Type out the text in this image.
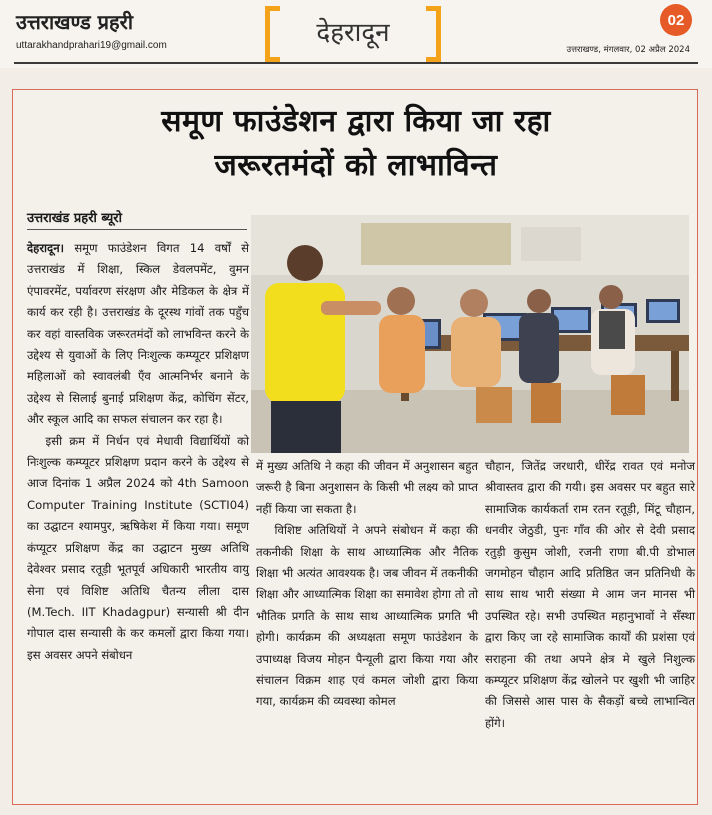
उत्तराखण्ड प्रहरी
uttarakhandprahari19@gmail.com	देहरादून	02
उत्तराखण्ड, मंगलवार, 02 अप्रैल 2024
समूण फाउंडेशन द्वारा किया जा रहा
जरूरतमंदों को लाभाविन्त
उत्तराखंड प्रहरी ब्यूरो

देहरादून। समूण फाउंडेशन विगत 14 वर्षों से उत्तराखंड में शिक्षा, स्किल डेवलपमेंट, वुमन एंपावरमेंट, पर्यावरण संरक्षण और मेडिकल के क्षेत्र में कार्य कर रही है। उत्तराखंड के दूरस्थ गांवों तक पहुँच कर वहां वास्तविक जरूरतमंदों को लाभविन्त करने के उद्देश्य से युवाओं के लिए निःशुल्क कम्प्यूटर प्रशिक्षण महिलाओं को स्वावलंबी एँव आत्मनिर्भर बनाने के उद्देश्य से सिलाई बुनाई प्रशिक्षण केंद्र, कोचिंग सेंटर, और स्कूल आदि का सफल संचालन कर रहा है।

इसी क्रम में निर्धन एवं मेधावी विद्यार्थियों को निःशुल्क कम्प्यूटर प्रशिक्षण प्रदान करने के उद्देश्य से आज दिनांक 1 अप्रैल 2024 को 4th Samoon Computer Training Institute (SCTI04) का उद्घाटन श्यामपुर, ऋषिकेश में किया गया। समूण कंप्यूटर प्रशिक्षण केंद्र का उद्घाटन मुख्य अतिथि देवेश्वर प्रसाद रतूड़ी भूतपूर्व अधिकारी भारतीय वायु सेना एवं विशिष्ट अतिथि चैतन्य लीला दास (M.Tech. IIT Khadagpur) सन्यासी श्री दीन गोपाल दास सन्यासी के कर कमलों द्वारा किया गया। इस अवसर अपने संबोधन

में मुख्य अतिथि ने कहा की जीवन में अनुशासन बहुत जरूरी है बिना अनुशासन के किसी भी लक्ष्य को प्राप्त नहीं किया जा सकता है।

विशिष्ट अतिथियों ने अपने संबोधन में कहा की तकनीकी शिक्षा के साथ आध्यात्मिक और नैतिक शिक्षा भी अत्यंत आवश्यक है। जब जीवन में तकनीकी शिक्षा और आध्यात्मिक शिक्षा का समावेश होगा तो तो भौतिक प्रगति के साथ साथ आध्यात्मिक प्रगति भी होगी। कार्यक्रम की अध्यक्षता समूण फाउंडेशन के उपाध्यक्ष विजय मोहन पैन्यूली द्वारा किया गया और संचालन विक्रम शाह एवं कमल जोशी द्वारा किया गया, कार्यक्रम की व्यवस्था कोमल

चौहान, जितेंद्र जरधारी, धीरेंद्र रावत एवं मनोज श्रीवास्तव द्वारा की गयी। इस अवसर पर बहुत सारे सामाजिक कार्यकर्ता राम रतन रतूड़ी, मिंटू चौहान, धनवीर जेठुडी, पुनः गाँव की ओर से देवी प्रसाद रतुड़ी कुसुम जोशी, रजनी राणा बी.पी डोभाल जगमोहन चौहान आदि प्रतिष्ठित जन प्रतिनिधी के साथ साथ भारी संख्या मे आम जन मानस भी उपस्थित रहे। सभी उपस्थित महानुभावों ने सँस्था द्वारा किए जा रहे सामाजिक कार्यों की प्रशंसा एवं सराहना की तथा अपने क्षेत्र मे खुले निशुल्क कम्प्यूटर प्रशिक्षण केंद्र खोलने पर खुशी भी जाहिर की जिससे आस पास के सैकड़ों बच्चे लाभान्वित होंगे।
